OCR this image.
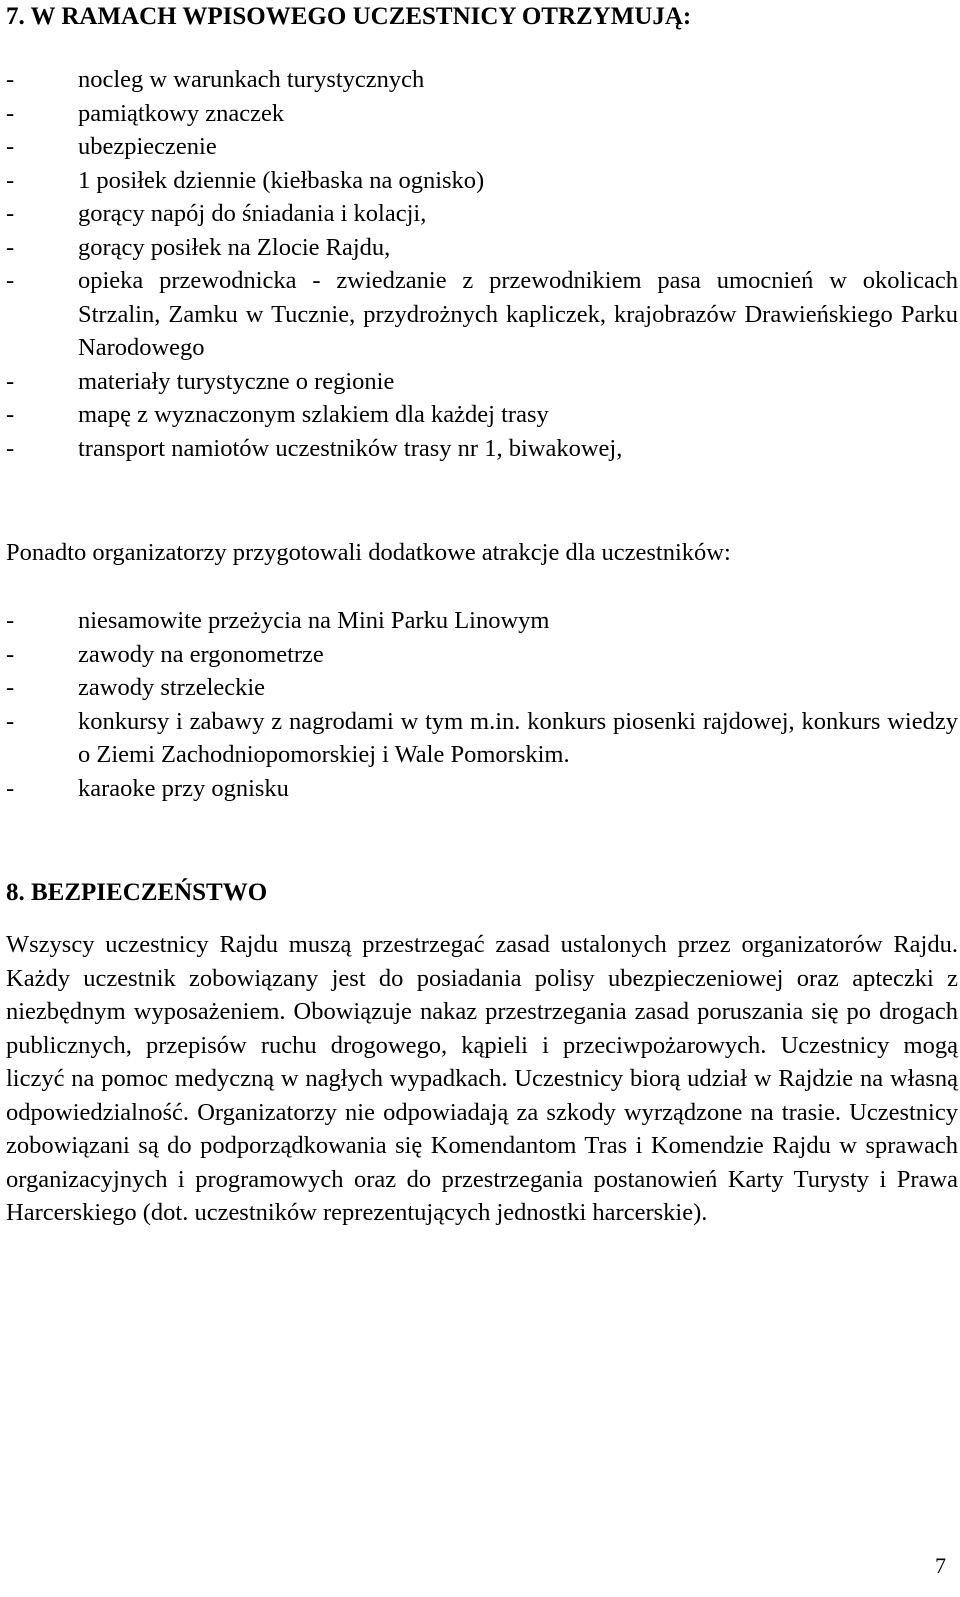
7. W RAMACH WPISOWEGO UCZESTNICY OTRZYMUJĄ:
-	nocleg w warunkach turystycznych
-	pamiątkowy znaczek
-	ubezpieczenie
-	1 posiłek dziennie (kiełbaska na ognisko)
-	gorący napój do śniadania i kolacji,
-	gorący posiłek na Zlocie Rajdu,
-	opieka przewodnicka - zwiedzanie z przewodnikiem pasa umocnień w okolicach Strzalin, Zamku w Tucznie, przydrożnych kapliczek, krajobrazów Drawieńskiego Parku Narodowego
-	materiały turystyczne o regionie
-	mapę z wyznaczonym szlakiem dla każdej trasy
-	transport namiotów uczestników trasy nr 1, biwakowej,

Ponadto organizatorzy przygotowali dodatkowe atrakcje dla uczestników:

-	niesamowite przeżycia na Mini Parku Linowym
-	zawody na ergonometrze
-	zawody strzeleckie
-	konkursy i zabawy z nagrodami w tym m.in. konkurs piosenki rajdowej, konkurs wiedzy o Ziemi Zachodniopomorskiej i Wale Pomorskim.
-	karaoke przy ognisku
8. BEZPIECZEŃSTWO

Wszyscy uczestnicy Rajdu muszą przestrzegać zasad ustalonych przez organizatorów Rajdu. Każdy uczestnik zobowiązany jest do posiadania polisy ubezpieczeniowej oraz apteczki z niezbędnym wyposażeniem. Obowiązuje nakaz przestrzegania zasad poruszania się po drogach publicznych, przepisów ruchu drogowego, kąpieli i przeciwpożarowych. Uczestnicy mogą liczyć na pomoc medyczną w nagłych wypadkach. Uczestnicy biorą udział w Rajdzie na własną odpowiedzialność. Organizatorzy nie odpowiadają za szkody wyrządzone na trasie. Uczestnicy zobowiązani są do podporządkowania się Komendantom Tras i Komendzie Rajdu w sprawach organizacyjnych i programowych oraz do przestrzegania postanowień Karty Turysty i Prawa Harcerskiego (dot. uczestników reprezentujących jednostki harcerskie).

7
